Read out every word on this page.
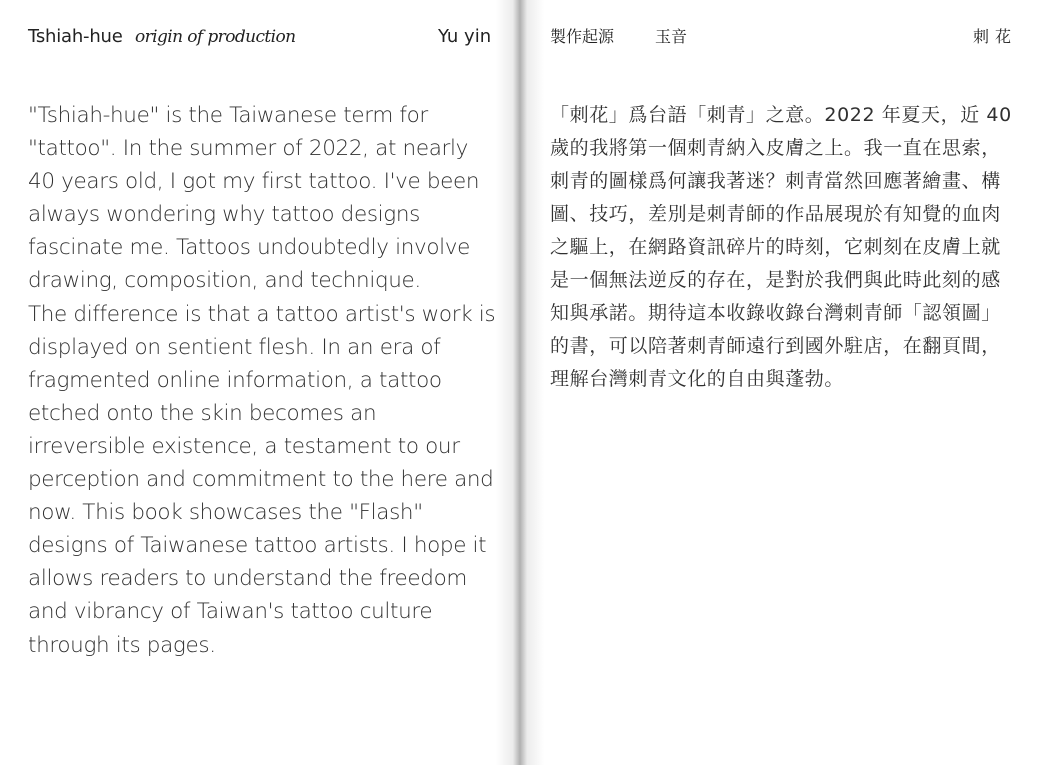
Tshiah-hue origin of production	Yu yin

"Tshiah-hue" is the Taiwanese term for "tattoo". In the summer of 2022, at nearly 40 years old, I got my first tattoo. I've been always wondering why tattoo designs fascinate me. Tattoos undoubtedly involve drawing, composition, and technique.

The difference is that a tattoo artist's work is displayed on sentient flesh. In an era of fragmented online information, a tattoo etched onto the skin becomes an irreversible existence, a testament to our perception and commitment to the here and now. This book showcases the "Flash" designs of Taiwanese tattoo artists. I hope it allows readers to understand the freedom and vibrancy of Taiwan's tattoo culture through its pages.

製作起源	玉音	刺花

「刺花」爲台語「刺青」之意。2022 年夏天，近 40 歲的我將第一個刺青納入皮膚之上。我一直在思索，刺青的圖樣爲何讓我著迷？刺青當然回應著繪畫、構圖、技巧，差別是刺青師的作品展現於有知覺的血肉之驅上，在網路資訊碎片的時刻，它刺刻在皮膚上就是一個無法逆反的存在，是對於我們與此時此刻的感知與承諾。期待這本收錄收錄台灣刺青師「認領圖」的書，可以陪著刺青師遠行到國外駐店，在翻頁間，理解台灣刺青文化的自由與蓬勃。
